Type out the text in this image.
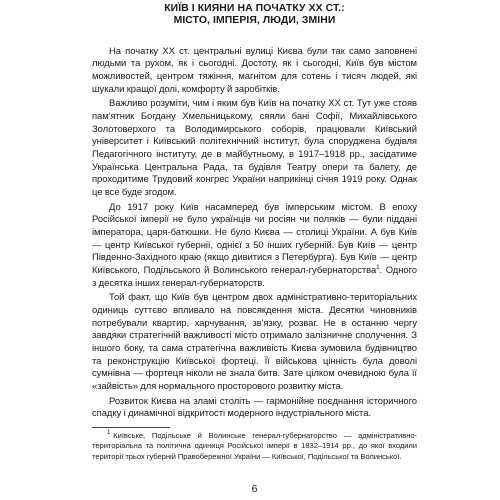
КИЇВ І КИЯНИ НА ПОЧАТКУ ХХ СТ.:
МІСТО, ІМПЕРІЯ, ЛЮДИ, ЗМІНИ

На початку ХХ ст. центральні вулиці Києва були так само заповнені людьми та рухом, як і сьогодні. Достоту, як і сьогодні, Київ був містом можливостей, центром тяжіння, магнітом для сотень і тисяч людей, які шукали кращої долі, комфорту й заробітків.

Важливо розуміти, чим і яким був Київ на початку ХХ ст. Тут уже стояв пам'ятник Богдану Хмельницькому, сяяли бані Софії, Михайлівського Золотоверхого та Володимирського соборів, працювали Київський університет і Київський політехнічний інститут, була споруджена будівля Педагогічного інституту, де в майбутньому, в 1917–1918 рр., засідатиме Українська Центральна Рада, та будівля Театру опери та балету, де проходитиме Трудовий конгрес України наприкінці січня 1919 року. Однак це все буде згодом.

До 1917 року Київ насамперед був імперським містом. В епоху Російської імперії не було українців чи росіян чи поляків — були піддані імператора, царя-батюшки. Не було Києва — столиці України. А був Київ — центр Київської губернії, однієї з 50 інших губерній. Був Київ — центр Південно-Західного краю (якщо дивитися з Петербурга). Був Київ — центр Київського, Подільського й Волинського генерал-губернаторства$^1$. Одного з десятка інших генерал-губернаторств.

Той факт, що Київ був центром двох адміністративно-територіальних одиниць суттєво впливало на повсякдення міста. Десятки чиновників потребували квартир, харчування, зв'язку, розваг. Не в останню чергу завдяки стратегічній важливості місто отримало залізничне сполучення. З іншого боку, та сама стратегічна важливість Києва зумовила будівництво та реконструкцію Київської фортеці. Її військова цінність була доволі сумнівна — фортеця ніколи не знала битв. Зате цілком очевидною була її «зайвість» для нормального просторового розвитку міста.

Розвиток Києва на зламі століть — гармонійне поєднання історичного спадку і динамічної відкритості модерного індустріального міста.

$^1$ Київське, Подільське й Волинське генерал-губернаторство — адміністративно-територіальна та політична одиниця Російської імперії в 1832–1914 рр., до якої входили території трьох губерній Правобережної України — Київської, Подільської та Волинської.

6
